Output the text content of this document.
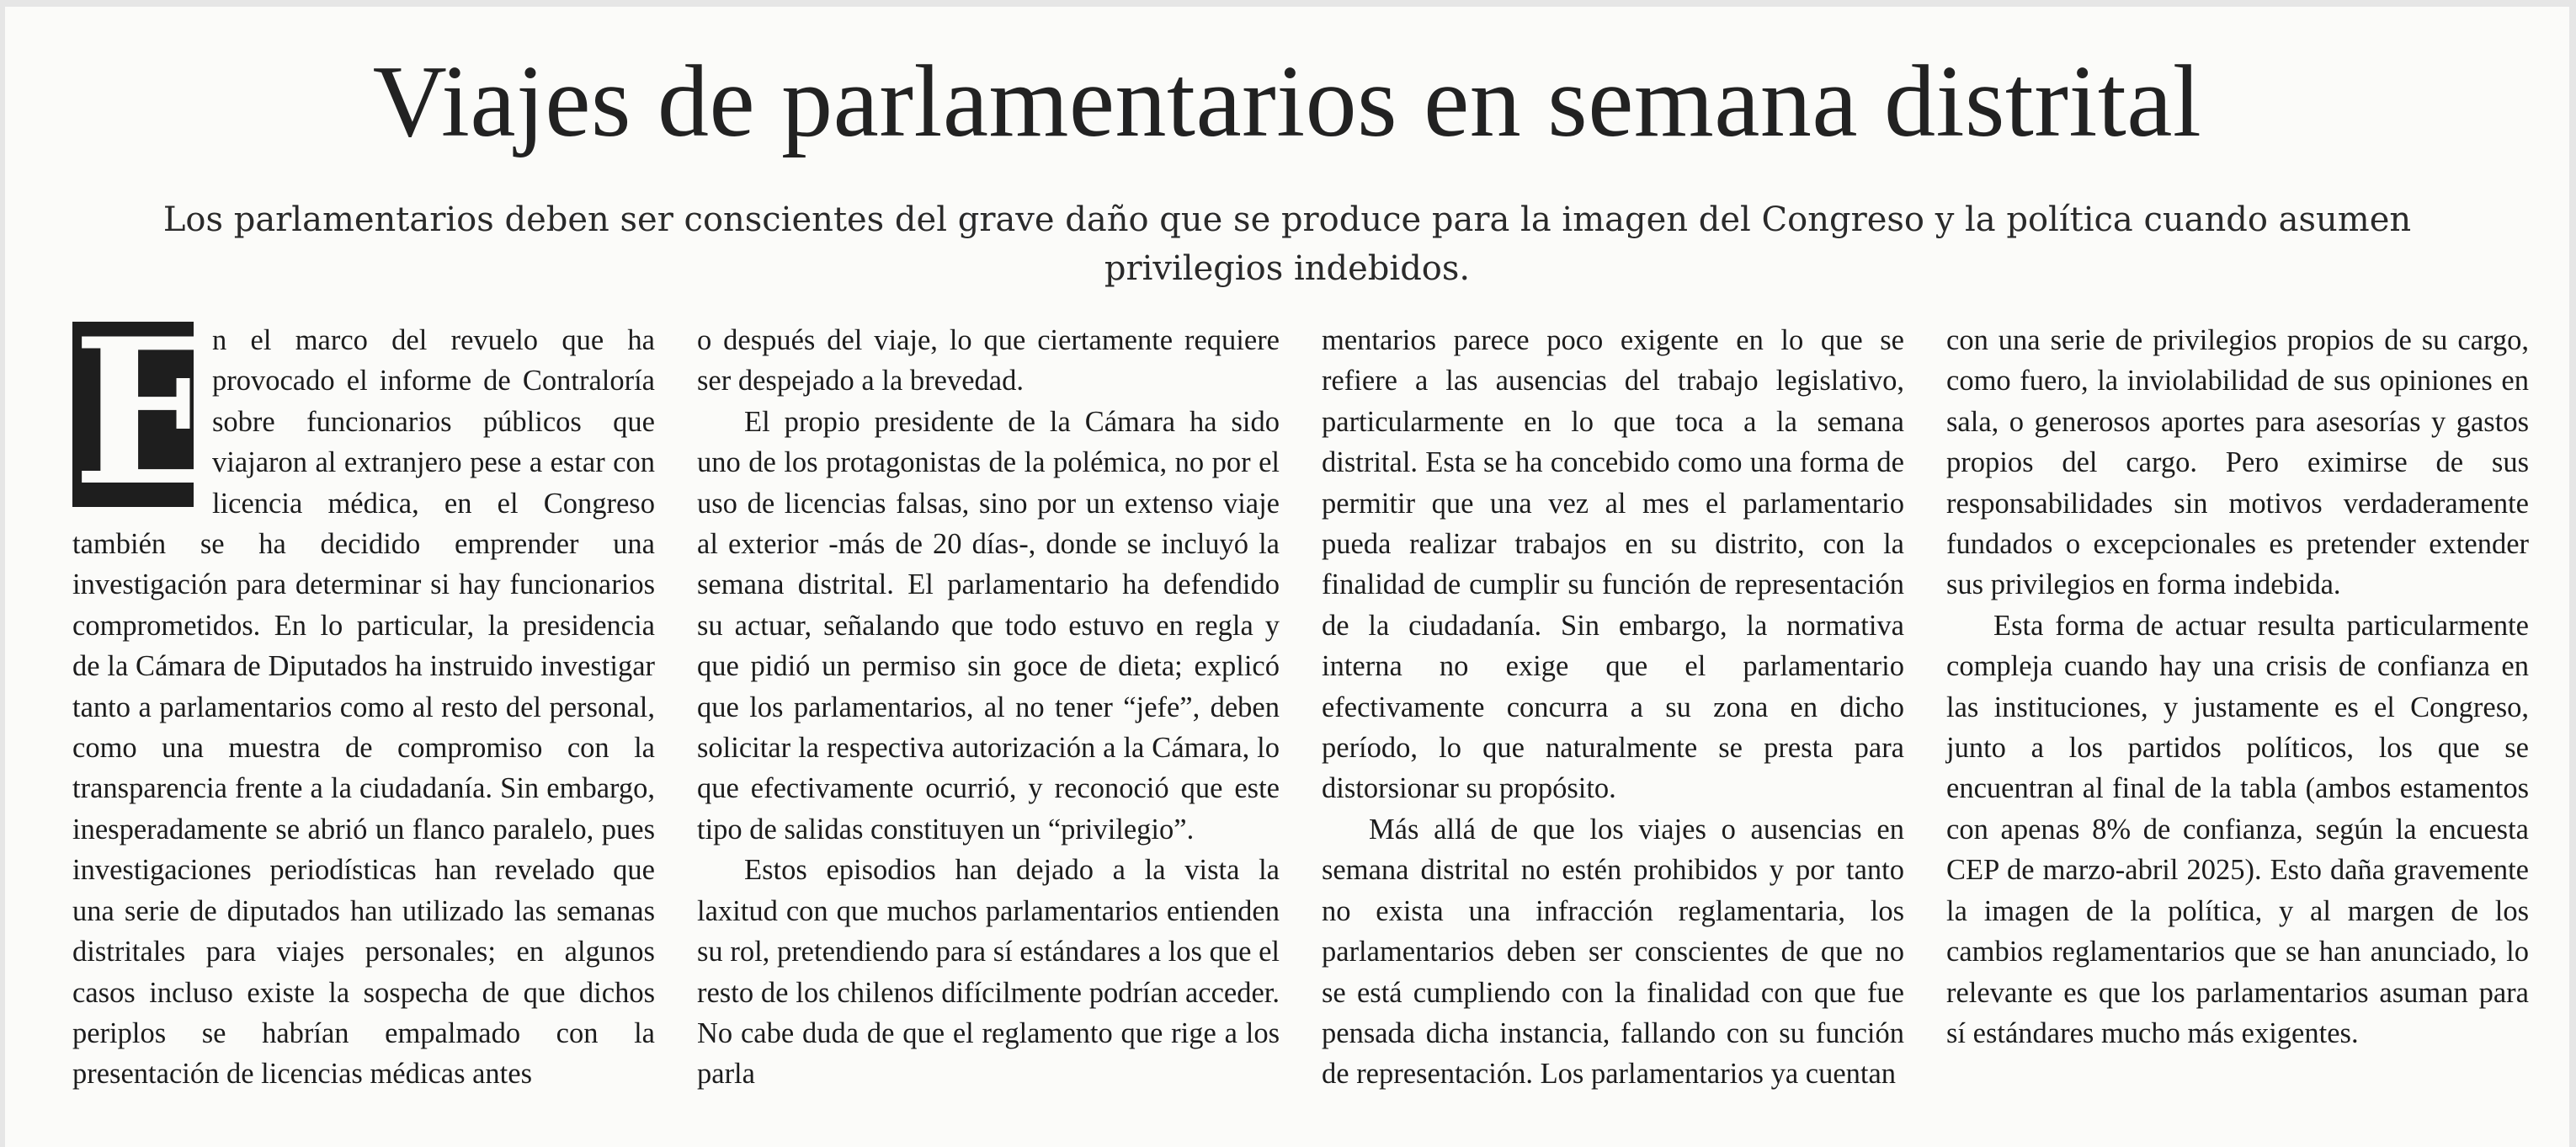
Viajes de parlamentarios en semana distrital
Los parlamentarios deben ser conscientes del grave daño que se produce para la imagen del Congreso y la política cuando asumen privilegios indebidos.
E

n el marco del revuelo que ha provocado el informe de Contraloría sobre funcionarios públicos que viajaron al extranjero pese a estar con licencia médica, en el Congreso también se ha decidido emprender una investigación para determinar si hay funcionarios comprometidos. En lo particular, la presidencia de la Cámara de Diputados ha instruido investigar tanto a parlamentarios como al resto del personal, como una muestra de compromiso con la transparencia frente a la ciudadanía. Sin embargo, inesperadamente se abrió un flanco paralelo, pues investigaciones periodísticas han revelado que una serie de diputados han utilizado las semanas distritales para viajes personales; en algunos casos incluso existe la sospecha de que dichos periplos se habrían empalmado con la presentación de licencias médicas antes

o después del viaje, lo que ciertamente requiere ser despejado a la brevedad.

El propio presidente de la Cámara ha sido uno de los protagonistas de la polémica, no por el uso de licencias falsas, sino por un extenso viaje al exterior -más de 20 días-, donde se incluyó la semana distrital. El parlamentario ha defendido su actuar, señalando que todo estuvo en regla y que pidió un permiso sin goce de dieta; explicó que los parlamentarios, al no tener “jefe”, deben solicitar la respectiva autorización a la Cámara, lo que efectivamente ocurrió, y reconoció que este tipo de salidas constituyen un “privilegio”.

Estos episodios han dejado a la vista la laxitud con que muchos parlamentarios entienden su rol, pretendiendo para sí estándares a los que el resto de los chilenos difícilmente podrían acceder. No cabe duda de que el reglamento que rige a los parla

mentarios parece poco exigente en lo que se refiere a las ausencias del trabajo legislativo, particularmente en lo que toca a la semana distrital. Esta se ha concebido como una forma de permitir que una vez al mes el parlamentario pueda realizar trabajos en su distrito, con la finalidad de cumplir su función de representación de la ciudadanía. Sin embargo, la normativa interna no exige que el parlamentario efectivamente concurra a su zona en dicho período, lo que naturalmente se presta para distorsionar su propósito.

Más allá de que los viajes o ausencias en semana distrital no estén prohibidos y por tanto no exista una infracción reglamentaria, los parlamentarios deben ser conscientes de que no se está cumpliendo con la finalidad con que fue pensada dicha instancia, fallando con su función de representación. Los parlamentarios ya cuentan

con una serie de privilegios propios de su cargo, como fuero, la inviolabilidad de sus opiniones en sala, o generosos aportes para asesorías y gastos propios del cargo. Pero eximirse de sus responsabilidades sin motivos verdaderamente fundados o excepcionales es pretender extender sus privilegios en forma indebida.

Esta forma de actuar resulta particularmente compleja cuando hay una crisis de confianza en las instituciones, y justamente es el Congreso, junto a los partidos políticos, los que se encuentran al final de la tabla (ambos estamentos con apenas 8% de confianza, según la encuesta CEP de marzo-abril 2025). Esto daña gravemente la imagen de la política, y al margen de los cambios reglamentarios que se han anunciado, lo relevante es que los parlamentarios asuman para sí estándares mucho más exigentes.
